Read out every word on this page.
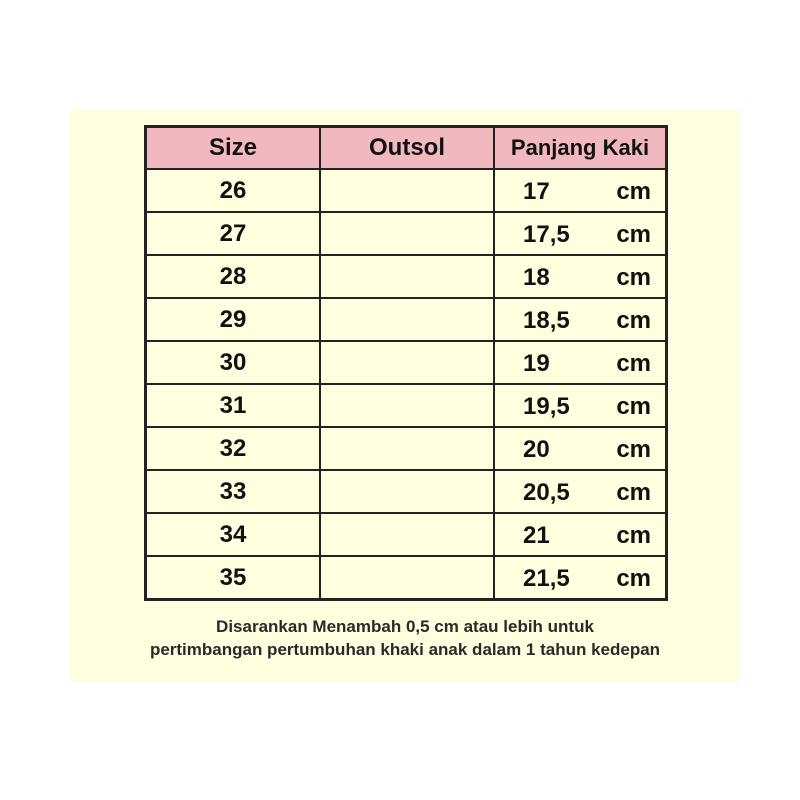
Size	Outsol	Panjang Kaki
26		17 cm

27		17,5 cm

28		18 cm

29		18,5 cm

30		19 cm

31		19,5 cm

32		20 cm

33		20,5 cm

34		21 cm

35		21,5 cm
Disarankan Menambah 0,5 cm atau lebih untuk
pertimbangan pertumbuhan khaki anak dalam 1 tahun kedepan
